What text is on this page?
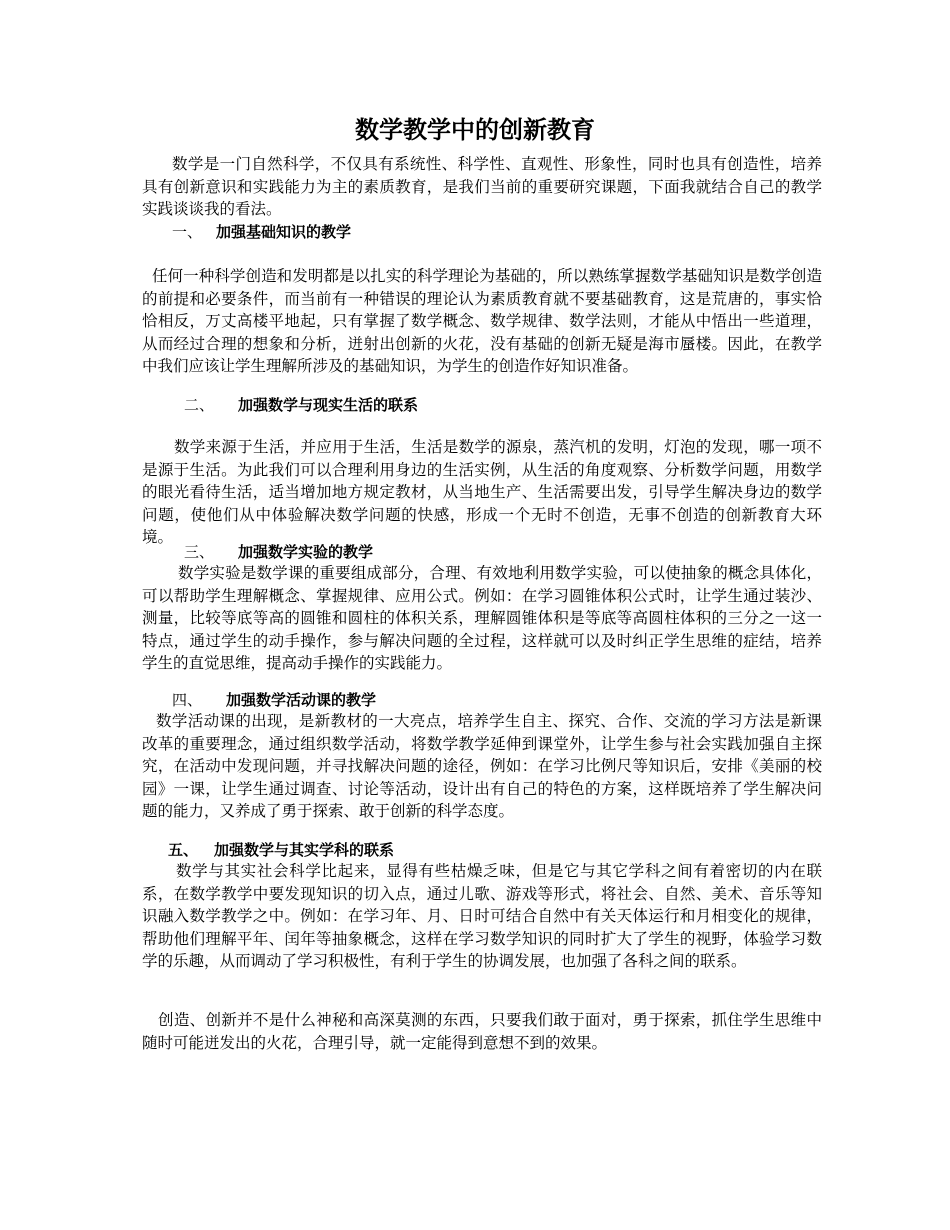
数学教学中的创新教育

数学是一门自然科学，不仅具有系统性、科学性、直观性、形象性，同时也具有创造性，培养具有创新意识和实践能力为主的素质教育，是我们当前的重要研究课题，下面我就结合自己的教学实践谈谈我的看法。

一、 加强基础知识的教学

任何一种科学创造和发明都是以扎实的科学理论为基础的，所以熟练掌握数学基础知识是数学创造的前提和必要条件，而当前有一种错误的理论认为素质教育就不要基础教育，这是荒唐的，事实恰恰相反，万丈高楼平地起，只有掌握了数学概念、数学规律、数学法则，才能从中悟出一些道理，从而经过合理的想象和分析，迸射出创新的火花，没有基础的创新无疑是海市蜃楼。因此，在教学中我们应该让学生理解所涉及的基础知识，为学生的创造作好知识准备。

二、 加强数学与现实生活的联系

数学来源于生活，并应用于生活，生活是数学的源泉，蒸汽机的发明，灯泡的发现，哪一项不是源于生活。为此我们可以合理利用身边的生活实例，从生活的角度观察、分析数学问题，用数学的眼光看待生活，适当增加地方规定教材，从当地生产、生活需要出发，引导学生解决身边的数学问题，使他们从中体验解决数学问题的快感，形成一个无时不创造，无事不创造的创新教育大环境。

三、 加强数学实验的教学

数学实验是数学课的重要组成部分，合理、有效地利用数学实验，可以使抽象的概念具体化，可以帮助学生理解概念、掌握规律、应用公式。例如：在学习圆锥体积公式时，让学生通过装沙、测量，比较等底等高的圆锥和圆柱的体积关系，理解圆锥体积是等底等高圆柱体积的三分之一这一特点，通过学生的动手操作，参与解决问题的全过程，这样就可以及时纠正学生思维的症结，培养学生的直觉思维，提高动手操作的实践能力。

四、 加强数学活动课的教学

数学活动课的出现，是新教材的一大亮点，培养学生自主、探究、合作、交流的学习方法是新课改革的重要理念，通过组织数学活动，将数学教学延伸到课堂外，让学生参与社会实践加强自主探究，在活动中发现问题，并寻找解决问题的途径，例如：在学习比例尺等知识后，安排《美丽的校园》一课，让学生通过调查、讨论等活动，设计出有自己的特色的方案，这样既培养了学生解决问题的能力，又养成了勇于探索、敢于创新的科学态度。

五、 加强数学与其实学科的联系

数学与其实社会科学比起来，显得有些枯燥乏味，但是它与其它学科之间有着密切的内在联系，在数学教学中要发现知识的切入点，通过儿歌、游戏等形式，将社会、自然、美术、音乐等知识融入数学教学之中。例如：在学习年、月、日时可结合自然中有关天体运行和月相变化的规律，帮助他们理解平年、闰年等抽象概念，这样在学习数学知识的同时扩大了学生的视野，体验学习数学的乐趣，从而调动了学习积极性，有利于学生的协调发展，也加强了各科之间的联系。

创造、创新并不是什么神秘和高深莫测的东西，只要我们敢于面对，勇于探索，抓住学生思维中随时可能迸发出的火花，合理引导，就一定能得到意想不到的效果。
